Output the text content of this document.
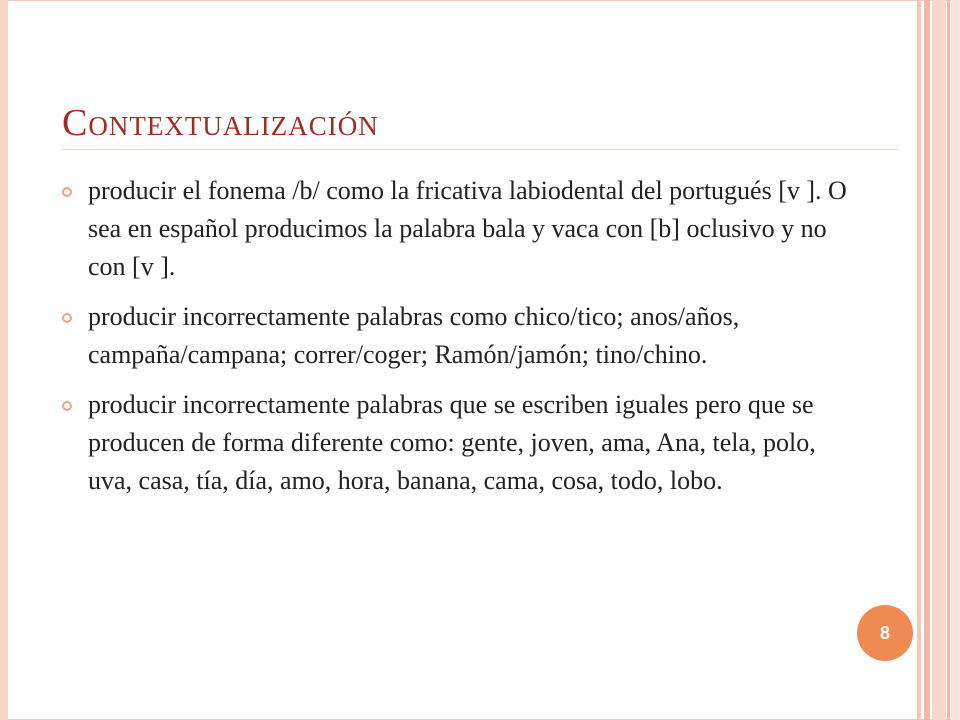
Contextualización
producir el fonema /b/ como la fricativa labiodental del portugués [v ]. O sea en español producimos la palabra bala y vaca con [b] oclusivo y no con [v ].
producir incorrectamente palabras como chico/tico; anos/años, campaña/campana; correr/coger; Ramón/jamón; tino/chino.
producir incorrectamente palabras que se escriben iguales pero que se producen de forma diferente como: gente, joven, ama, Ana, tela, polo, uva, casa, tía, día, amo, hora, banana, cama, cosa, todo, lobo.
8
